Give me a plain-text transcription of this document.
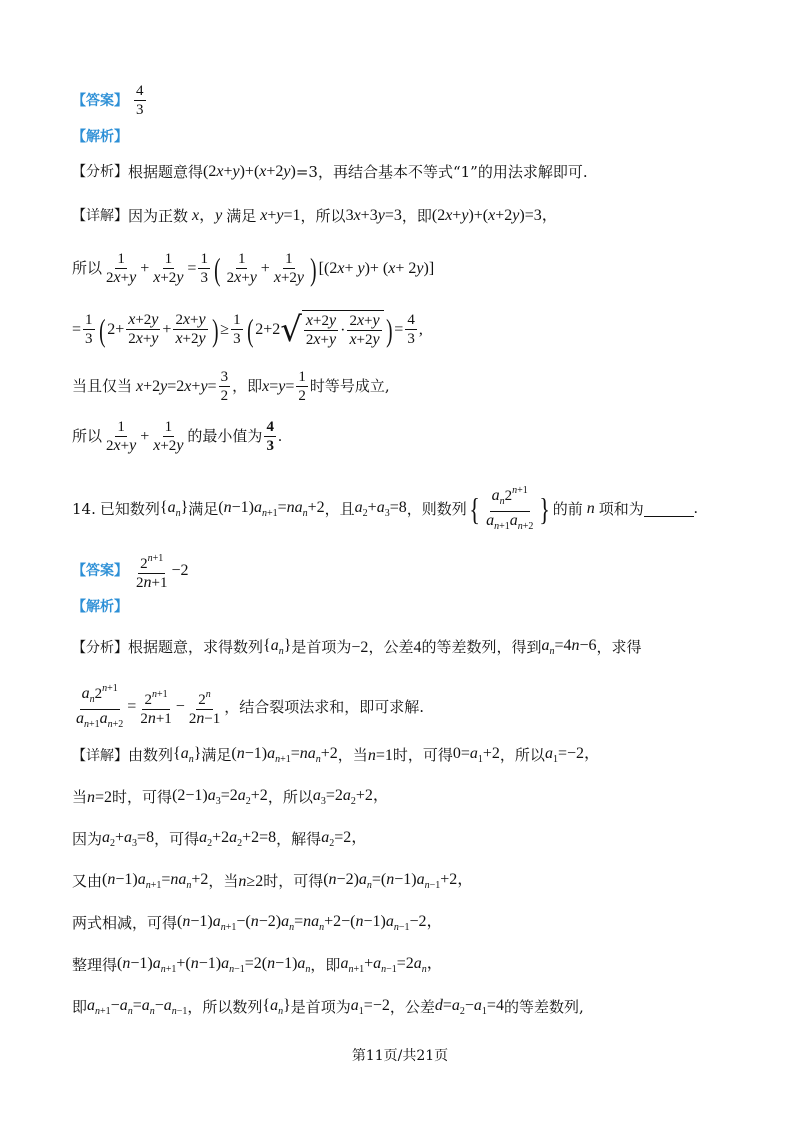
【答案】 $\frac{4}{3}$
【解析】
【分析】 根据题意得 (2x+y)+(x+2y) =3，再结合基本不等式“1”的用法求解即可.
【详解】 因为正数 x，y 满足 x+y=1 ，所以 3x+3y=3 ，即 (2x+y)+(x+2y)=3，
所以 $\frac{1}{2x+y} + \frac{1}{x+2y} = \frac{1}{3}$ ( $\frac{1}{2x+y} + \frac{1}{x+2y}$ ) [(2x+ y)+ (x+ 2y)]
= $\frac{1}{3}$ ( $2+ \frac{x+2y}{2x+y} + \frac{2x+y}{x+2y}$ ) ≥ $\frac{1}{3}$ ( 2+2 √ $\frac{x+2y}{2x+y} \cdot \frac{2x+y}{x+2y}$ ) = $\frac{4}{3}$ ,
当且仅当 $x+2y=2x+y= \frac{3}{2}$ ，即 $x=y= \frac{1}{2}$ 时等号成立,
所以 $\frac{1}{2x+y} + \frac{1}{x+2y}$ 的最小值为 $\frac{4}{3}$ .
14. 已知数列 $\{a_n\}$ 满足 $(n-1)a_{n+1}=na_n+2$ ，且 $a_2+a_3=8$ ，则数列 { $\frac{a_n2^{n+1}}{a_{n+1}a_{n+2}}$ } 的前 n 项和为	.
【答案】 $\frac{2^{n+1}}{2n+1} -2$
【解析】
【分析】 根据题意，求得数列 $\{a_n\}$ 是首项为 −2 ，公差 4 的等差数列，得到 $a_n=4n-6$ ，求得
$\frac{a_n2^{n+1}}{a_{n+1}a_{n+2}} = \frac{2^{n+1}}{2n+1} - \frac{2^n}{2n-1}$ ，结合裂项法求和，即可求解.
【详解】 由数列 $\{a_n\}$ 满足 $(n-1)a_{n+1}=na_n+2$ ，当 n=1 时，可得 $0=a_1+2$ ，所以 $a_1=-2$，
当 n=2 时，可得 $(2-1)a_3=2a_2+2$ ，所以 $a_3=2a_2+2$，
因为 $a_2+a_3=8$ ，可得 $a_2+2a_2+2=8$ ，解得 $a_2=2$，
又由 $(n-1)a_{n+1}=na_n+2$ ，当 n≥2 时，可得 $(n-2)a_n=(n-1)a_{n-1}+2$，
两式相减，可得 $(n-1)a_{n+1}-(n-2)a_n=na_n+2-(n-1)a_{n-1}-2$，
整理得 $(n-1)a_{n+1}+(n-1)a_{n-1}=2(n-1)a_n$ ，即 $a_{n+1}+a_{n-1}=2a_n$，
即 $a_{n+1}-a_n=a_n-a_{n-1}$ ，所以数列 $\{a_n\}$ 是首项为 $a_1=-2$ ，公差 $d=a_2-a_1=4$ 的等差数列,
第11页/共21页
